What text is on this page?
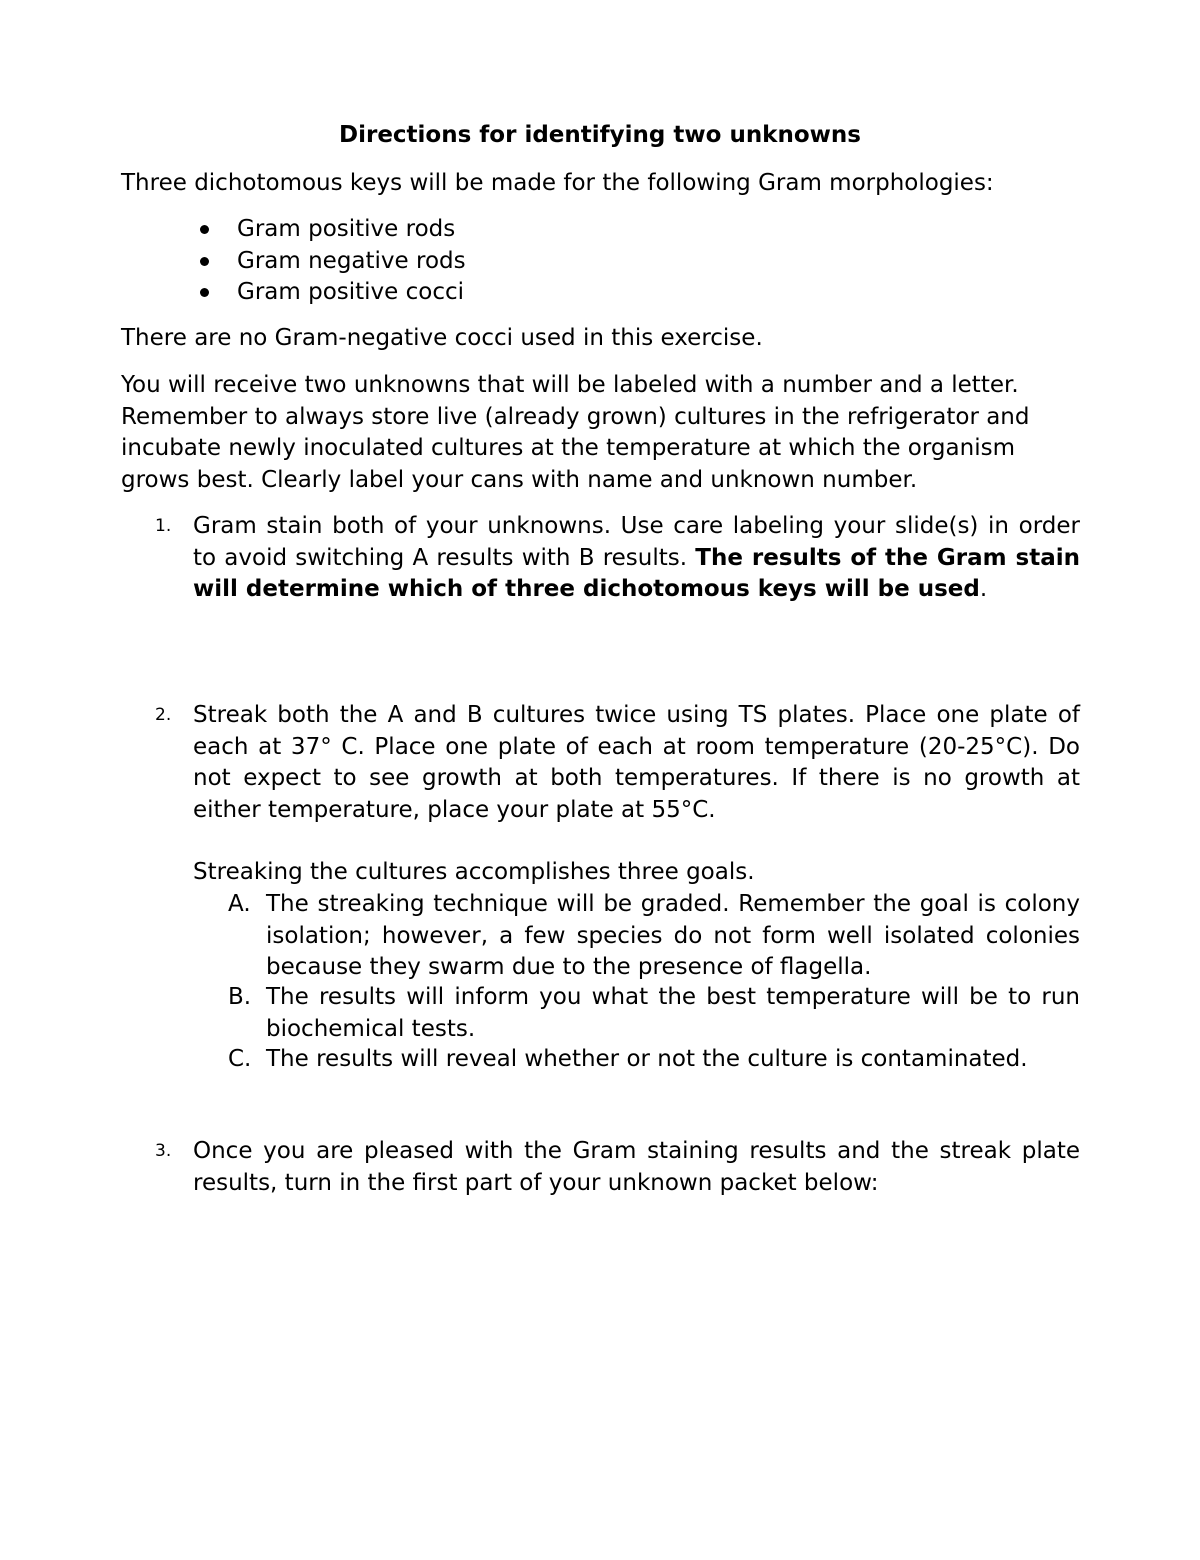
Directions for identifying two unknowns
Three dichotomous keys will be made for the following Gram morphologies:
Gram positive rods
Gram negative rods
Gram positive cocci
There are no Gram-negative cocci used in this exercise.
You will receive two unknowns that will be labeled with a number and a letter. Remember to always store live (already grown) cultures in the refrigerator and incubate newly inoculated cultures at the temperature at which the organism grows best. Clearly label your cans with name and unknown number.
1. Gram stain both of your unknowns. Use care labeling your slide(s) in order to avoid switching A results with B results. The results of the Gram stain will determine which of three dichotomous keys will be used.
2. Streak both the A and B cultures twice using TS plates. Place one plate of each at 37° C. Place one plate of each at room temperature (20-25°C). Do not expect to see growth at both temperatures. If there is no growth at either temperature, place your plate at 55°C.
Streaking the cultures accomplishes three goals.
A. The streaking technique will be graded. Remember the goal is colony isolation; however, a few species do not form well isolated colonies because they swarm due to the presence of flagella.
B. The results will inform you what the best temperature will be to run biochemical tests.
C. The results will reveal whether or not the culture is contaminated.
3. Once you are pleased with the Gram staining results and the streak plate results, turn in the first part of your unknown packet below:
